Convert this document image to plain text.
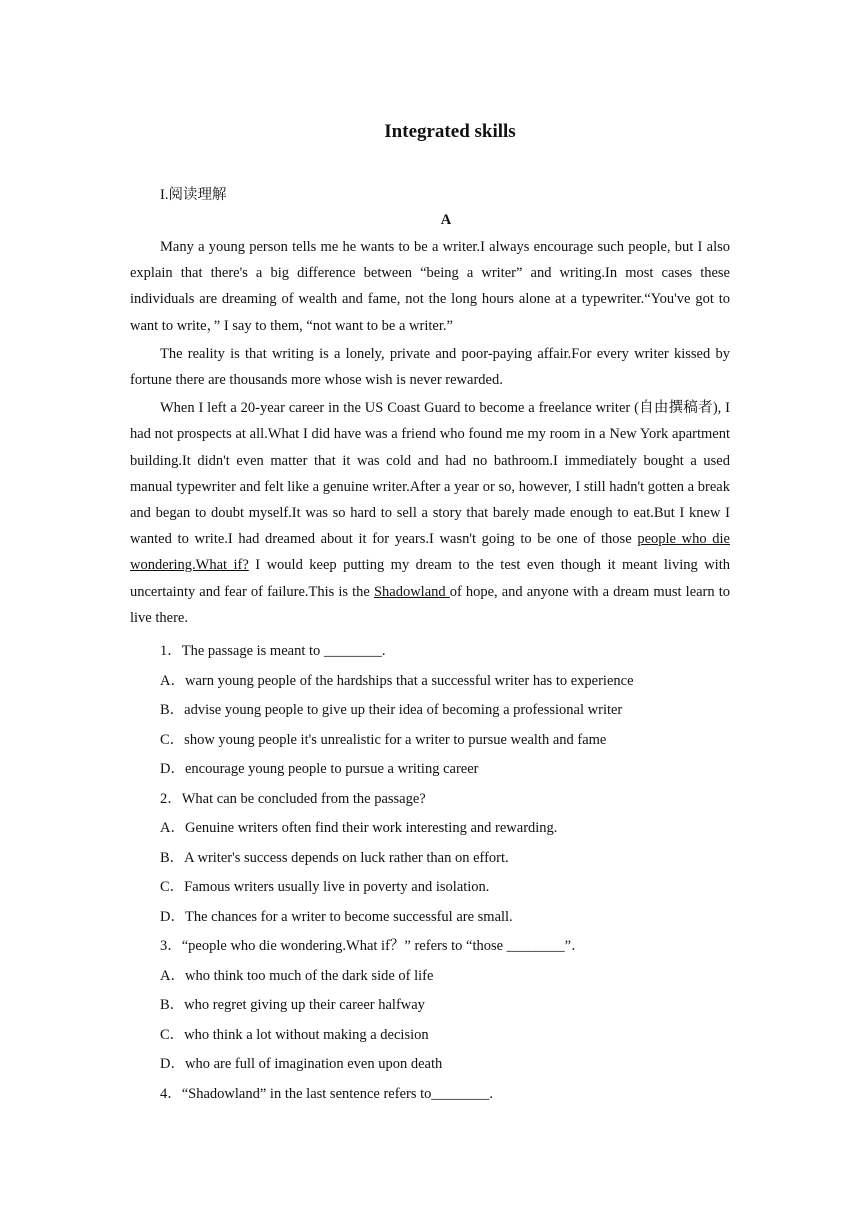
Integrated skills

I.阅读理解

A

Many a young person tells me he wants to be a writer.I always encourage such people, but I also explain that there's a big difference between “being a writer” and writing.In most cases these individuals are dreaming of wealth and fame, not the long hours alone at a typewriter.“You've got to want to write，” I say to them, “not want to be a writer.”

The reality is that writing is a lonely, private and poor-paying affair.For every writer kissed by fortune there are thousands more whose wish is never rewarded.

When I left a 20-year career in the US Coast Guard to become a freelance writer (自由撰稿者), I had not prospects at all.What I did have was a friend who found me my room in a New York apartment building.It didn't even matter that it was cold and had no bathroom.I immediately bought a used manual typewriter and felt like a genuine writer.After a year or so, however, I still hadn't gotten a break and began to doubt myself.It was so hard to sell a story that barely made enough to eat.But I knew I wanted to write.I had dreamed about it for years.I wasn't going to be one of those people who die wondering.What if? I would keep putting my dream to the test even though it meant living with uncertainty and fear of failure.This is the Shadowland of hope, and anyone with a dream must learn to live there.

1．The passage is meant to ________.

A．warn young people of the hardships that a successful writer has to experience

B．advise young people to give up their idea of becoming a professional writer

C．show young people it's unrealistic for a writer to pursue wealth and fame

D．encourage young people to pursue a writing career

2．What can be concluded from the passage?

A．Genuine writers often find their work interesting and rewarding.

B．A writer's success depends on luck rather than on effort.

C．Famous writers usually live in poverty and isolation.

D．The chances for a writer to become successful are small.

3．“people who die wondering.What if？” refers to “those ________”．

A．who think too much of the dark side of life

B．who regret giving up their career halfway

C．who think a lot without making a decision

D．who are full of imagination even upon death

4．“Shadowland” in the last sentence refers to________.
